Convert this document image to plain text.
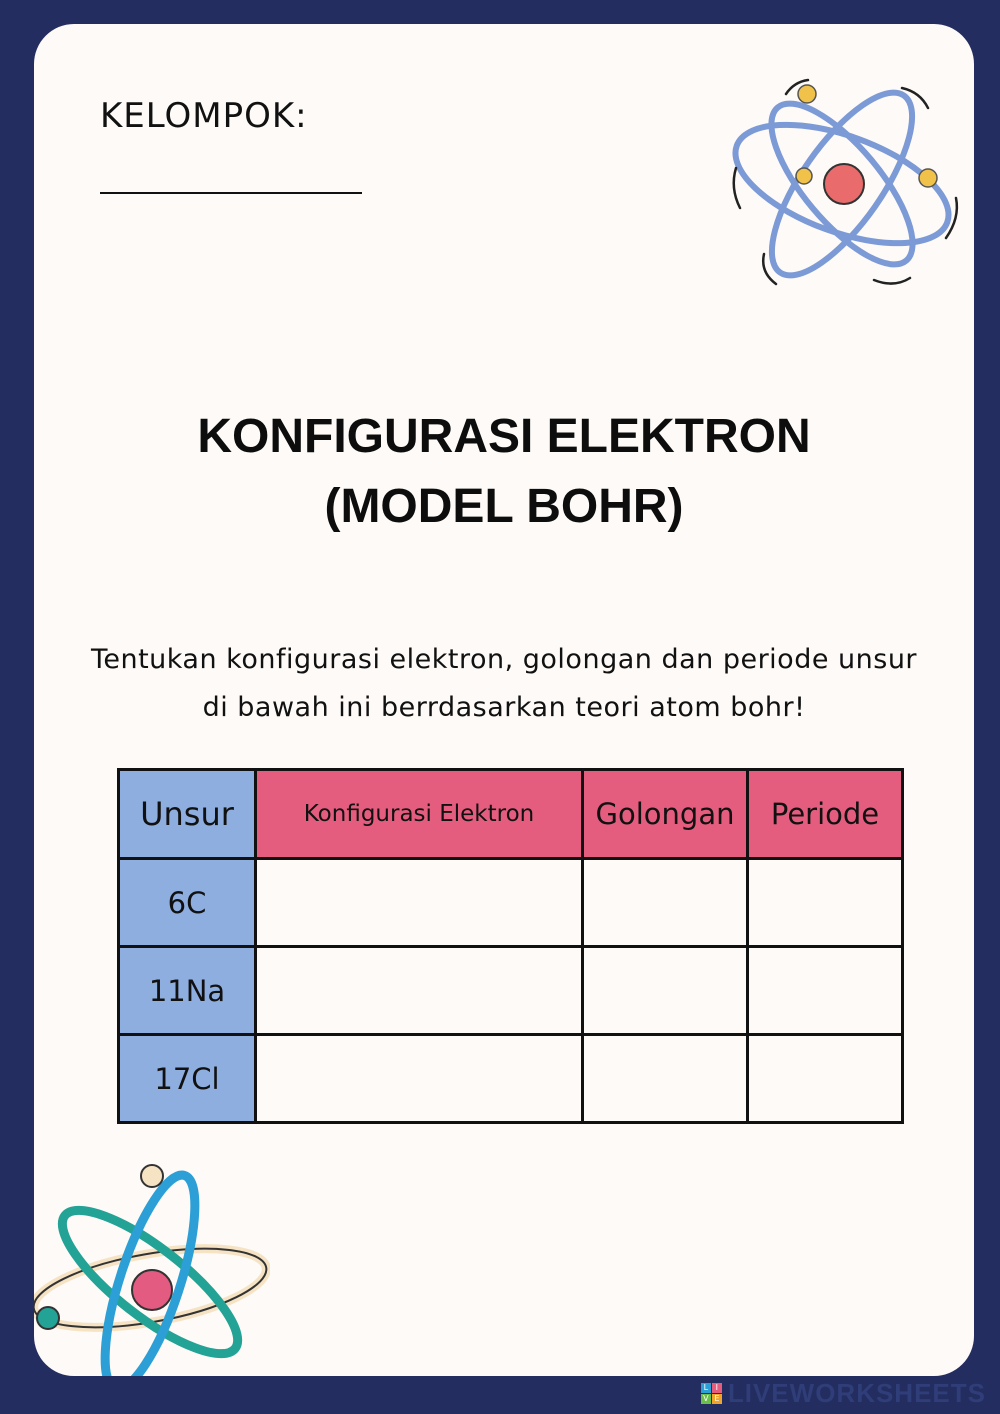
KELOMPOK:
KONFIGURASI ELEKTRON
(MODEL BOHR)
Tentukan konfigurasi elektron, golongan dan periode unsur
di bawah ini berrdasarkan teori atom bohr!
Unsur	Konfigurasi Elektron	Golongan	Periode
6C			
11Na			
17Cl			
L I
V E LIVEWORKSHEETS
